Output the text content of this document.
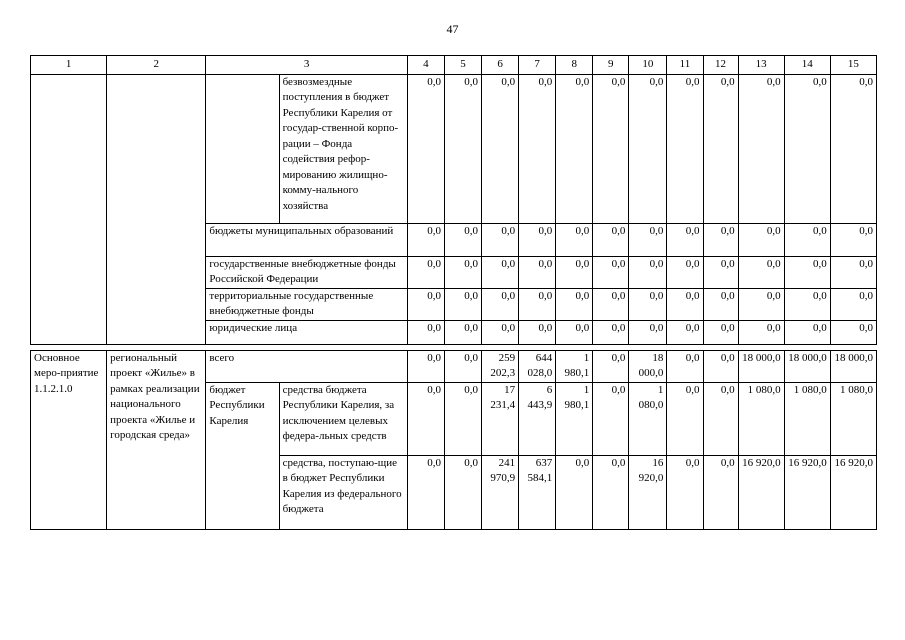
47
1	2	3		4	5	6	7	8	9	10	11	12	13	14	15
			безвозмездные поступления в бюджет Республики Карелия от государ-ственной корпо-рации – Фонда содействия рефор-мированию жилищно-комму-нального хозяйства	0,0	0,0	0,0	0,0	0,0	0,0	0,0	0,0	0,0	0,0	0,0	0,0
		бюджеты муниципальных образований		0,0	0,0	0,0	0,0	0,0	0,0	0,0	0,0	0,0	0,0	0,0	0,0
		государственные внебюджетные фонды Российской Федерации		0,0	0,0	0,0	0,0	0,0	0,0	0,0	0,0	0,0	0,0	0,0	0,0
		территориальные государственные внебюджетные фонды		0,0	0,0	0,0	0,0	0,0	0,0	0,0	0,0	0,0	0,0	0,0	0,0
		юридические лица		0,0	0,0	0,0	0,0	0,0	0,0	0,0	0,0	0,0	0,0	0,0	0,0

Основное меро-приятие 1.1.2.1.0	региональный проект «Жилье» в рамках реализации национального проекта «Жилье и городская среда»	всего		0,0	0,0	259 202,3	644 028,0	1 980,1	0,0	18 000,0	0,0	0,0	18 000,0	18 000,0	18 000,0
		бюджет Республики Карелия	средства бюджета Республики Карелия, за исключением целевых федера-льных средств	0,0	0,0	17 231,4	6 443,9	1 980,1	0,0	1 080,0	0,0	0,0	1 080,0	1 080,0	1 080,0
			средства, поступаю-щие в бюджет Республики Карелия из федерального бюджета	0,0	0,0	241 970,9	637 584,1	0,0	0,0	16 920,0	0,0	0,0	16 920,0	16 920,0	16 920,0
